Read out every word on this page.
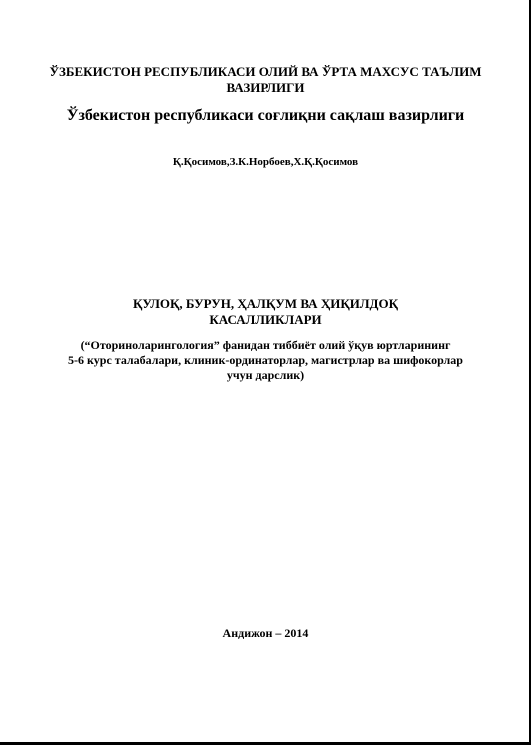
ЎЗБЕКИСТОН РЕСПУБЛИКАСИ ОЛИЙ ВА ЎРТА МАХСУС ТАЪЛИМ
ВАЗИРЛИГИ
Ўзбекистон республикаси соғлиқни сақлаш вазирлиги
Қ.Қосимов,З.К.Норбоев,Х.Қ.Қосимов
ҚУЛОҚ, БУРУН, ҲАЛҚУМ ВА ҲИҚИЛДОҚ
КАСАЛЛИКЛАРИ
(“Оториноларингология” фанидан тиббиёт олий ўқув юртларининг
5-6 курс талабалари, клиник-ординаторлар, магистрлар ва шифокорлар
учун дарслик)
Андижон – 2014
